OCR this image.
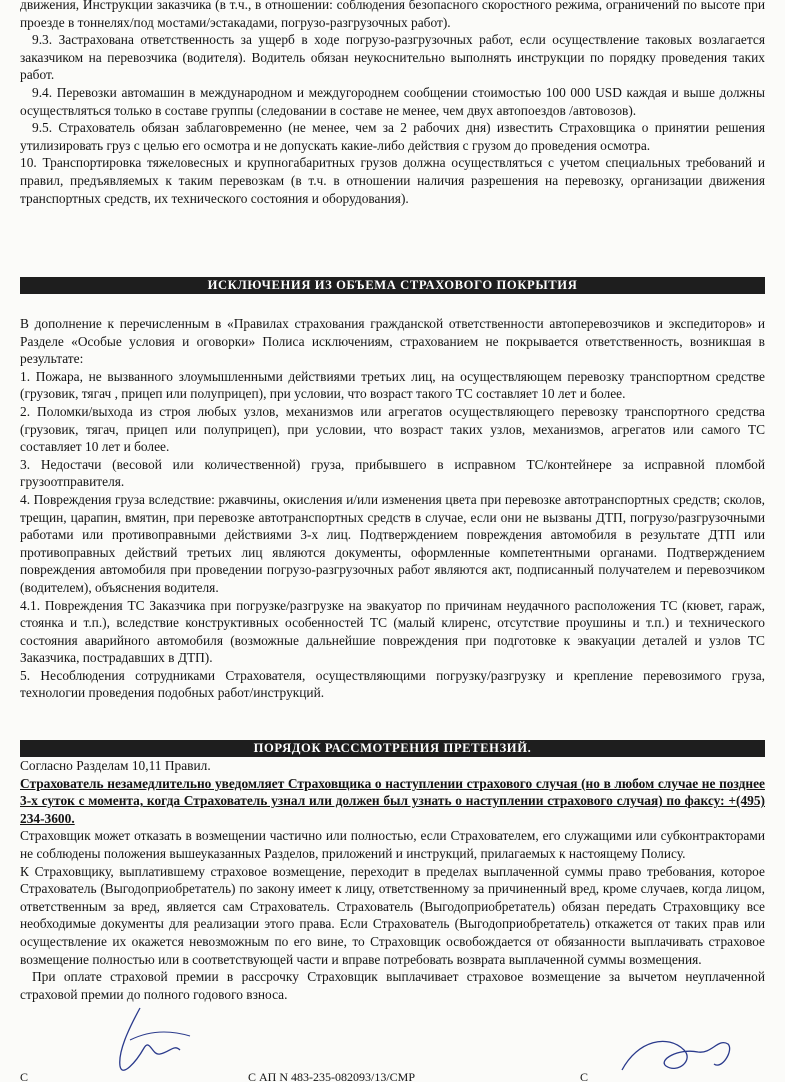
движения, Инструкции заказчика (в т.ч., в отношении: соблюдения безопасного скоростного режима, ограничений по высоте при проезде в тоннелях/под мостами/эстакадами, погрузо-разгрузочных работ).

9.3. Застрахована ответственность за ущерб в ходе погрузо-разгрузочных работ, если осуществление таковых возлагается заказчиком на перевозчика (водителя). Водитель обязан неукоснительно выполнять инструкции по порядку проведения таких работ.

9.4. Перевозки автомашин в международном и междугороднем сообщении стоимостью 100 000 USD каждая и выше должны осуществляться только в составе группы (следовании в составе не менее, чем двух автопоездов /автовозов).

9.5. Страхователь обязан заблаговременно (не менее, чем за 2 рабочих дня) известить Страховщика о принятии решения утилизировать груз с целью его осмотра и не допускать какие-либо действия с грузом до проведения осмотра.

10. Транспортировка тяжеловесных и крупногабаритных грузов должна осуществляться с учетом специальных требований и правил, предъявляемых к таким перевозкам (в т.ч. в отношении наличия разрешения на перевозку, организации движения транспортных средств, их технического состояния и оборудования).

ИСКЛЮЧЕНИЯ ИЗ ОБЪЕМА СТРАХОВОГО ПОКРЫТИЯ

В дополнение к перечисленным в «Правилах страхования гражданской ответственности автоперевозчиков и экспедиторов» и Разделе «Особые условия и оговорки» Полиса исключениям, страхованием не покрывается ответственность, возникшая в результате:

1. Пожара, не вызванного злоумышленными действиями третьих лиц, на осуществляющем перевозку транспортном средстве (грузовик, тягач , прицеп или полуприцеп), при условии, что возраст такого ТС составляет 10 лет и более.

2. Поломки/выхода из строя любых узлов, механизмов или агрегатов осуществляющего перевозку транспортного средства (грузовик, тягач, прицеп или полуприцеп), при условии, что возраст таких узлов, механизмов, агрегатов или самого ТС составляет 10 лет и более.

3. Недостачи (весовой или количественной) груза, прибывшего в исправном ТС/контейнере за исправной пломбой грузоотправителя.

4. Повреждения груза вследствие: ржавчины, окисления и/или изменения цвета при перевозке автотранспортных средств; сколов, трещин, царапин, вмятин, при перевозке автотранспортных средств в случае, если они не вызваны ДТП, погрузо/разгрузочными работами или противоправными действиями 3-х лиц. Подтверждением повреждения автомобиля в результате ДТП или противоправных действий третьих лиц являются документы, оформленные компетентными органами. Подтверждением повреждения автомобиля при проведении погрузо-разгрузочных работ являются акт, подписанный получателем и перевозчиком (водителем), объяснения водителя.

4.1. Повреждения ТС Заказчика при погрузке/разгрузке на эвакуатор по причинам неудачного расположения ТС (кювет, гараж, стоянка и т.п.), вследствие конструктивных особенностей ТС (малый клиренс, отсутствие проушины и т.п.) и технического состояния аварийного автомобиля (возможные дальнейшие повреждения при подготовке к эвакуации деталей и узлов ТС Заказчика, пострадавших в ДТП).

5. Несоблюдения сотрудниками Страхователя, осуществляющими погрузку/разгрузку и крепление перевозимого груза, технологии проведения подобных работ/инструкций.

ПОРЯДОК РАССМОТРЕНИЯ ПРЕТЕНЗИЙ.

Согласно Разделам 10,11 Правил.

Страхователь незамедлительно уведомляет Страховщика о наступлении страхового случая (но в любом случае не позднее 3-х суток с момента, когда Страхователь узнал или должен был узнать о наступлении страхового случая) по факсу: +(495) 234-3600.

Страховщик может отказать в возмещении частично или полностью, если Страхователем, его служащими или субконтракторами не соблюдены положения вышеуказанных Разделов, приложений и инструкций, прилагаемых к настоящему Полису.

К Страховщику, выплатившему страховое возмещение, переходит в пределах выплаченной суммы право требования, которое Страхователь (Выгодоприобретатель) по закону имеет к лицу, ответственному за причиненный вред, кроме случаев, когда лицом, ответственным за вред, является сам Страхователь. Страхователь (Выгодоприобретатель) обязан передать Страховщику все необходимые документы для реализации этого права. Если Страхователь (Выгодоприобретатель) откажется от таких прав или осуществление их окажется невозможным по его вине, то Страховщик освобождается от обязанности выплачивать страховое возмещение полностью или в соответствующей части и вправе потребовать возврата выплаченной суммы возмещения.

При оплате страховой премии в рассрочку Страховщик выплачивает страховое возмещение за вычетом неуплаченной страховой премии до полного годового взноса.

С	С АП N 483-235-082093/13/СМР	С
